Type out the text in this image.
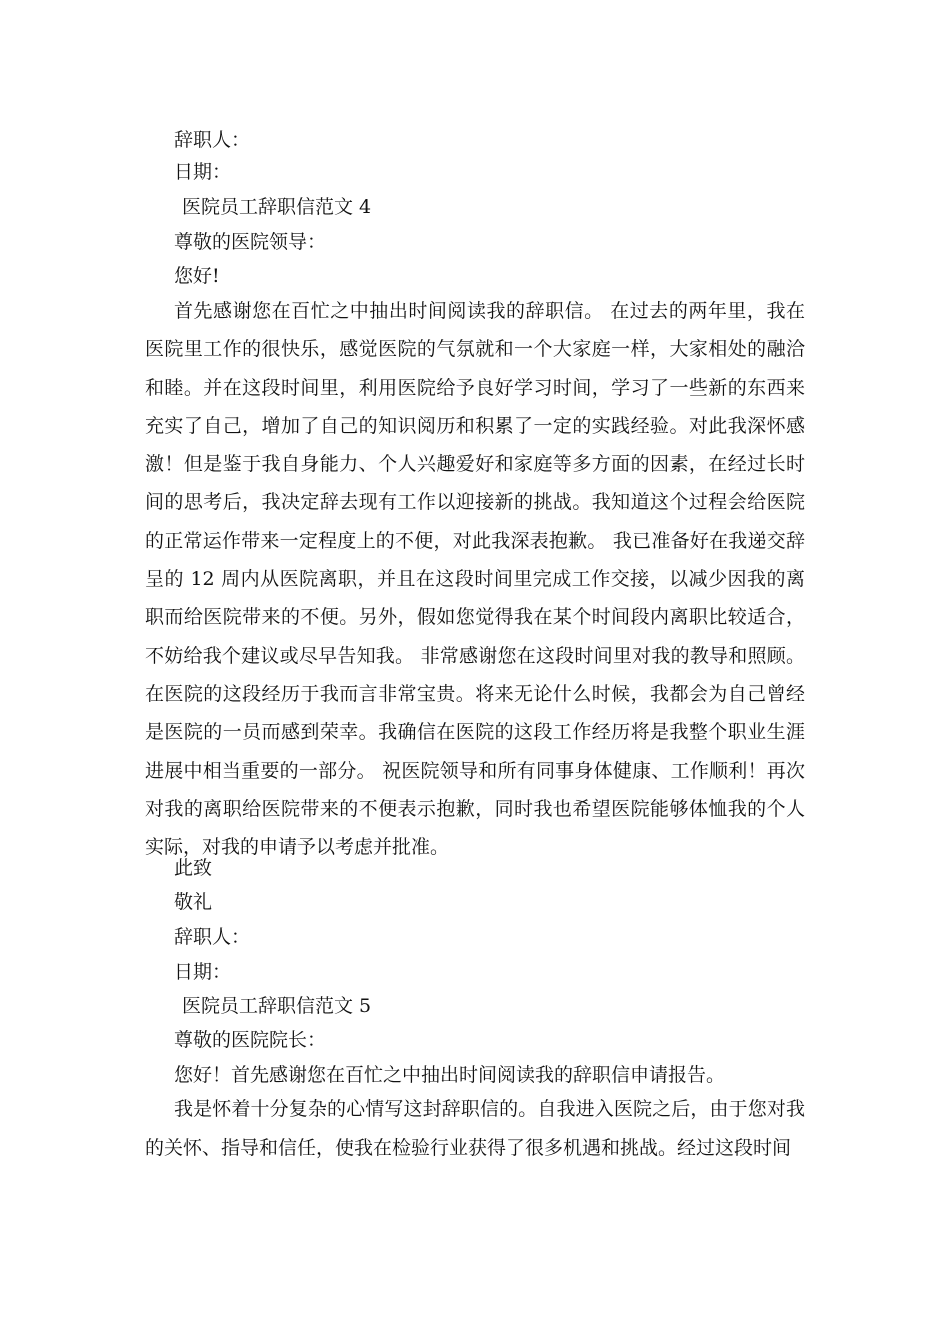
辞职人：
日期：
医院员工辞职信范文 4
尊敬的医院领导：
您好!

首先感谢您在百忙之中抽出时间阅读我的辞职信。 在过去的两年里，我在医院里工作的很快乐，感觉医院的气氛就和一个大家庭一样，大家相处的融洽和睦。并在这段时间里，利用医院给予良好学习时间，学习了一些新的东西来充实了自己，增加了自己的知识阅历和积累了一定的实践经验。对此我深怀感激！但是鉴于我自身能力、个人兴趣爱好和家庭等多方面的因素，在经过长时间的思考后，我决定辞去现有工作以迎接新的挑战。我知道这个过程会给医院的正常运作带来一定程度上的不便，对此我深表抱歉。 我已准备好在我递交辞呈的 12 周内从医院离职，并且在这段时间里完成工作交接，以减少因我的离职而给医院带来的不便。另外，假如您觉得我在某个时间段内离职比较适合，不妨给我个建议或尽早告知我。 非常感谢您在这段时间里对我的教导和照顾。在医院的这段经历于我而言非常宝贵。将来无论什么时候，我都会为自己曾经是医院的一员而感到荣幸。我确信在医院的这段工作经历将是我整个职业生涯进展中相当重要的一部分。 祝医院领导和所有同事身体健康、工作顺利！再次对我的离职给医院带来的不便表示抱歉，同时我也希望医院能够体恤我的个人实际，对我的申请予以考虑并批准。

此致
敬礼
辞职人：
日期：
医院员工辞职信范文 5
尊敬的医院院长：
您好！首先感谢您在百忙之中抽出时间阅读我的辞职信申请报告。

我是怀着十分复杂的心情写这封辞职信的。自我进入医院之后，由于您对我的关怀、指导和信任，使我在检验行业获得了很多机遇和挑战。经过这段时间
